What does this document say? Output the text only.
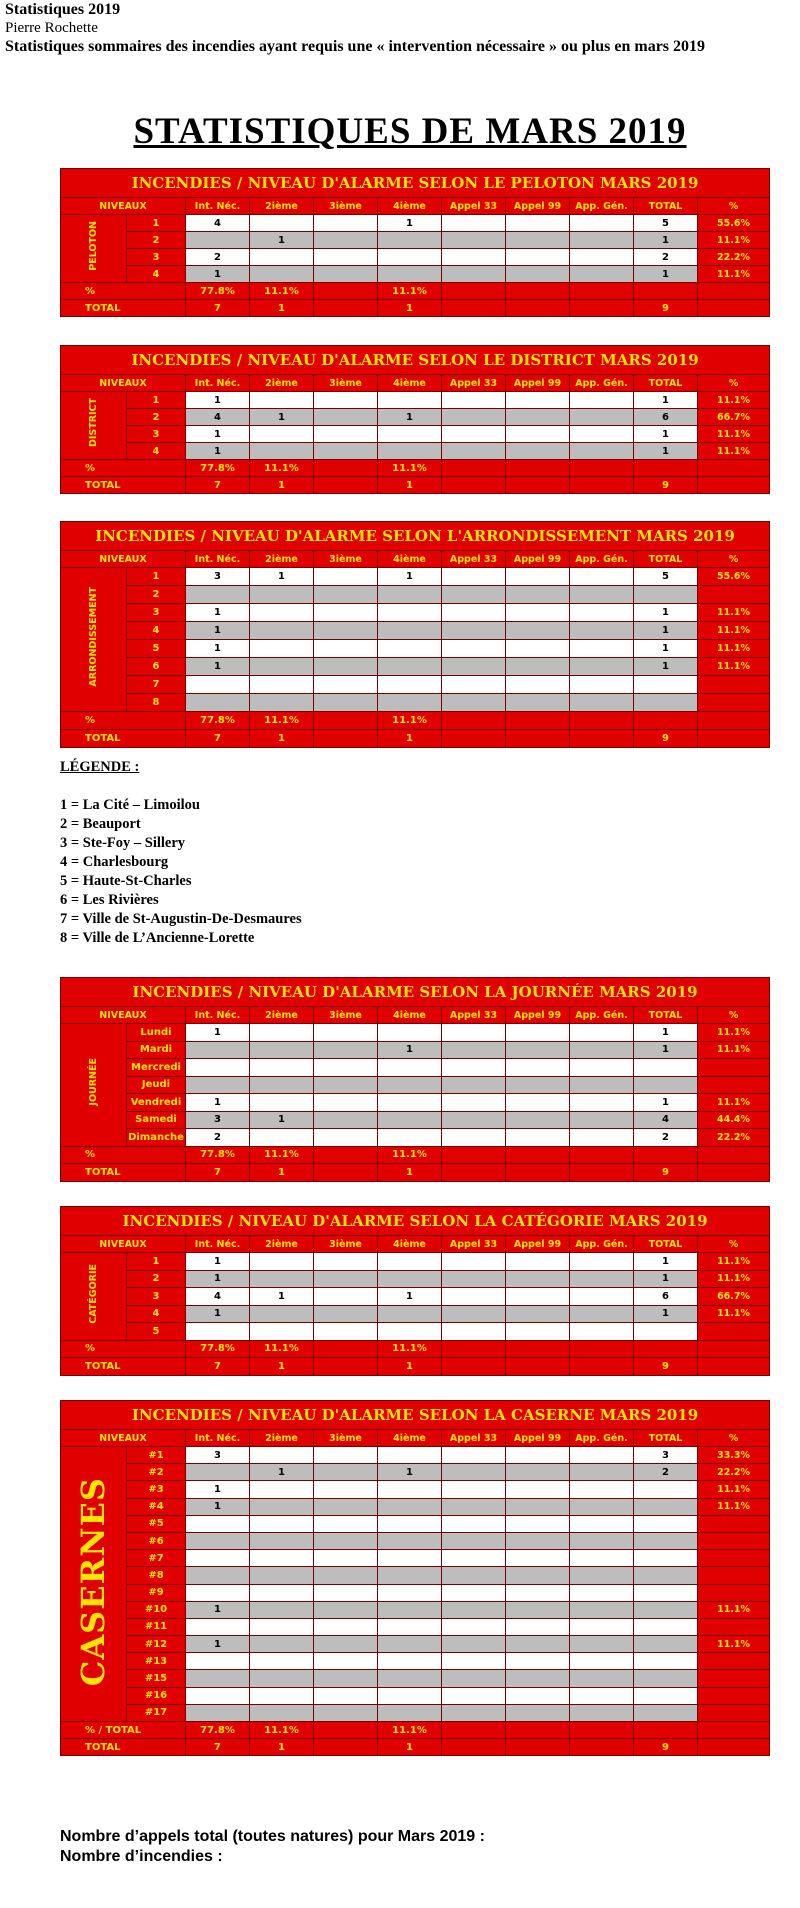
Statistiques 2019
Pierre Rochette
Statistiques sommaires des incendies ayant requis une « intervention nécessaire » ou plus en mars 2019
STATISTIQUES DE MARS 2019
INCENDIES / NIVEAU D'ALARME SELON LE PELOTON MARS 2019										
NIVEAUX		Int. Néc.	2ième	3ième	4ième	Appel 33	Appel 99	App. Gén.	TOTAL	%
PELOTON	1	4			1				5	55.6%
	2		1						1	11.1%
	3	2							2	22.2%
	4	1							1	11.1%
%		77.8%	11.1%		11.1%					
TOTAL		7	1		1				9	
INCENDIES / NIVEAU D'ALARME SELON LE DISTRICT MARS 2019										
NIVEAUX		Int. Néc.	2ième	3ième	4ième	Appel 33	Appel 99	App. Gén.	TOTAL	%
DISTRICT	1	1							1	11.1%
	2	4	1		1				6	66.7%
	3	1							1	11.1%
	4	1							1	11.1%
%		77.8%	11.1%		11.1%					
TOTAL		7	1		1				9	
INCENDIES / NIVEAU D'ALARME SELON L'ARRONDISSEMENT MARS 2019										
NIVEAUX		Int. Néc.	2ième	3ième	4ième	Appel 33	Appel 99	App. Gén.	TOTAL	%
ARRONDISSEMENT	1	3	1		1				5	55.6%
	2									
	3	1							1	11.1%
	4	1							1	11.1%
	5	1							1	11.1%
	6	1							1	11.1%
	7									
	8									
%		77.8%	11.1%		11.1%					
TOTAL		7	1		1				9	
INCENDIES / NIVEAU D'ALARME SELON LA JOURNÉE MARS 2019										
NIVEAUX		Int. Néc.	2ième	3ième	4ième	Appel 33	Appel 99	App. Gén.	TOTAL	%
JOURNÉE	Lundi	1							1	11.1%
	Mardi				1				1	11.1%
	Mercredi									
	Jeudi									
	Vendredi	1							1	11.1%
	Samedi	3	1						4	44.4%
	Dimanche	2							2	22.2%
%		77.8%	11.1%		11.1%					
TOTAL		7	1		1				9	
INCENDIES / NIVEAU D'ALARME SELON LA CATÉGORIE MARS 2019										
NIVEAUX		Int. Néc.	2ième	3ième	4ième	Appel 33	Appel 99	App. Gén.	TOTAL	%
CATÉGORIE	1	1							1	11.1%
	2	1							1	11.1%
	3	4	1		1				6	66.7%
	4	1							1	11.1%
	5									
%		77.8%	11.1%		11.1%					
TOTAL		7	1		1				9	
INCENDIES / NIVEAU D'ALARME SELON LA CASERNE MARS 2019										
NIVEAUX		Int. Néc.	2ième	3ième	4ième	Appel 33	Appel 99	App. Gén.	TOTAL	%
CASERNES	#1	3							3	33.3%
	#2		1		1				2	22.2%
	#3	1								11.1%
	#4	1								11.1%
	#5									
	#6									
	#7									
	#8									
	#9									
	#10	1								11.1%
	#11									
	#12	1								11.1%
	#13									
	#15									
	#16									
	#17									
% / TOTAL		77.8%	11.1%		11.1%					
TOTAL		7	1		1				9	
LÉGENDE :
1 = La Cité – Limoilou
2 = Beauport
3 = Ste-Foy – Sillery
4 = Charlesbourg
5 = Haute-St-Charles
6 = Les Rivières
7 = Ville de St-Augustin-De-Desmaures
8 = Ville de L’Ancienne-Lorette
Nombre d’appels total (toutes natures) pour Mars 2019 :
Nombre d’incendies :
